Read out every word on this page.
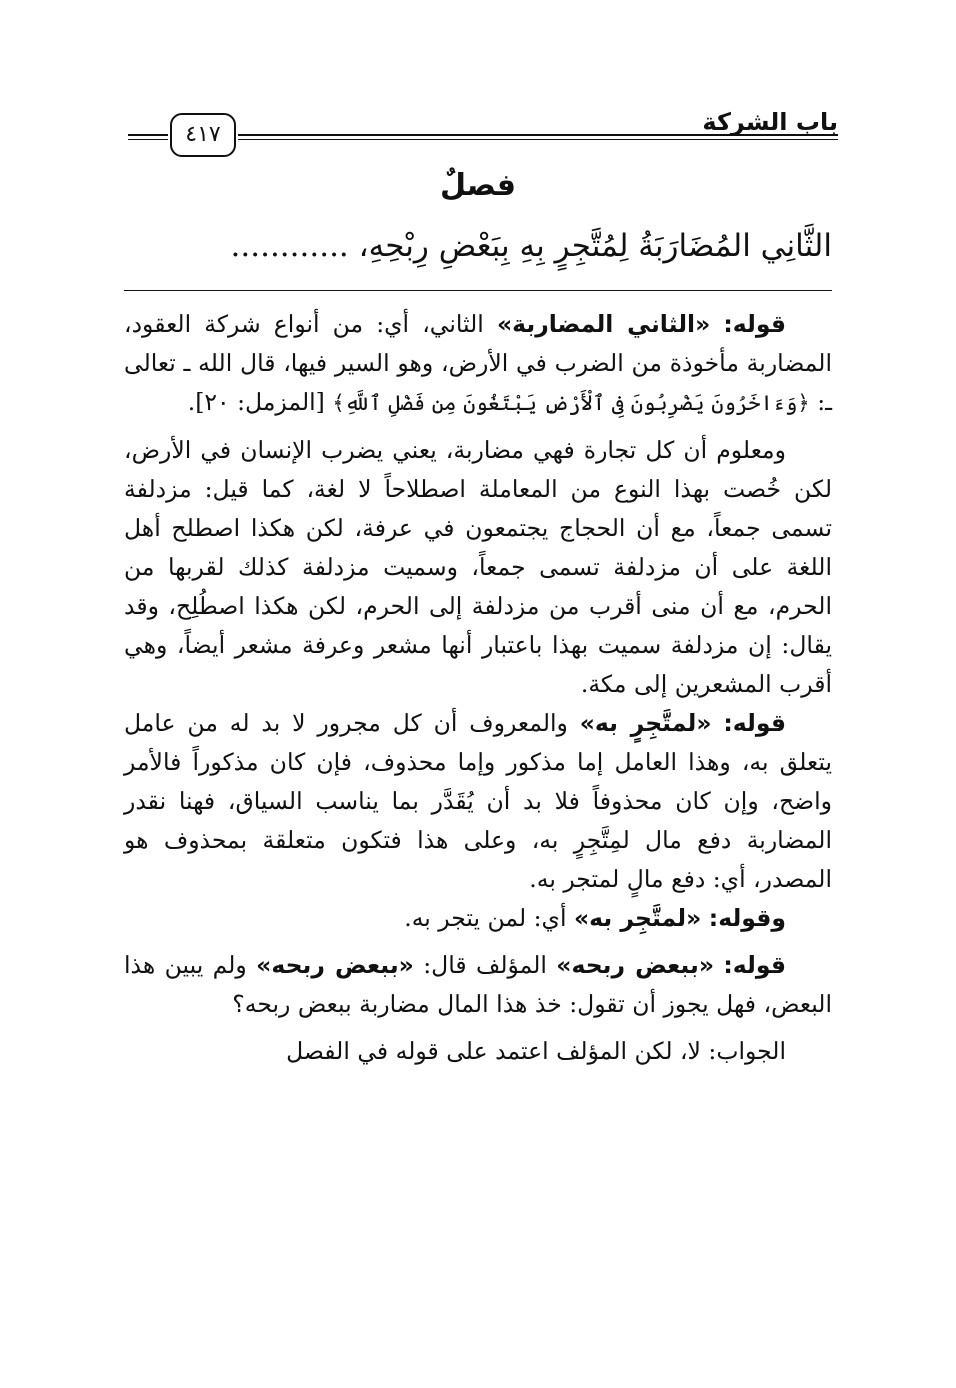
باب الشركة
٤١٧
فصلٌ
الثَّانِي المُضَارَبَةُ لِمُتَّجِرٍ بِهِ بِبَعْضِ رِبْحِهِ، ............

قوله: «الثاني المضاربة» الثاني، أي: من أنواع شركة العقود، المضاربة مأخوذة من الضرب في الأرض، وهو السير فيها، قال الله ـ تعالى ـ: ﴿وَءَاخَرُونَ يَضْرِبُونَ فِى ٱلْأَرْضِ يَبْتَغُونَ مِن فَضْلِ ٱللَّهِ﴾ [المزمل: ٢٠].

ومعلوم أن كل تجارة فهي مضاربة، يعني يضرب الإنسان في الأرض، لكن خُصت بهذا النوع من المعاملة اصطلاحاً لا لغة، كما قيل: مزدلفة تسمى جمعاً، مع أن الحجاج يجتمعون في عرفة، لكن هكذا اصطلح أهل اللغة على أن مزدلفة تسمى جمعاً، وسميت مزدلفة كذلك لقربها من الحرم، مع أن منى أقرب من مزدلفة إلى الحرم، لكن هكذا اصطُلِح، وقد يقال: إن مزدلفة سميت بهذا باعتبار أنها مشعر وعرفة مشعر أيضاً، وهي أقرب المشعرين إلى مكة.

قوله: «لمتَّجِرٍ به» والمعروف أن كل مجرور لا بد له من عامل يتعلق به، وهذا العامل إما مذكور وإما محذوف، فإن كان مذكوراً فالأمر واضح، وإن كان محذوفاً فلا بد أن يُقَدَّر بما يناسب السياق، فهنا نقدر المضاربة دفع مال لمِتَّجِرٍ به، وعلى هذا فتكون متعلقة بمحذوف هو المصدر، أي: دفع مالٍ لمتجر به.

وقوله: «لمتَّجِر به» أي: لمن يتجر به.

قوله: «ببعض ربحه» المؤلف قال: «ببعض ربحه» ولم يبين هذا البعض، فهل يجوز أن تقول: خذ هذا المال مضاربة ببعض ربحه؟

الجواب: لا، لكن المؤلف اعتمد على قوله في الفصل
